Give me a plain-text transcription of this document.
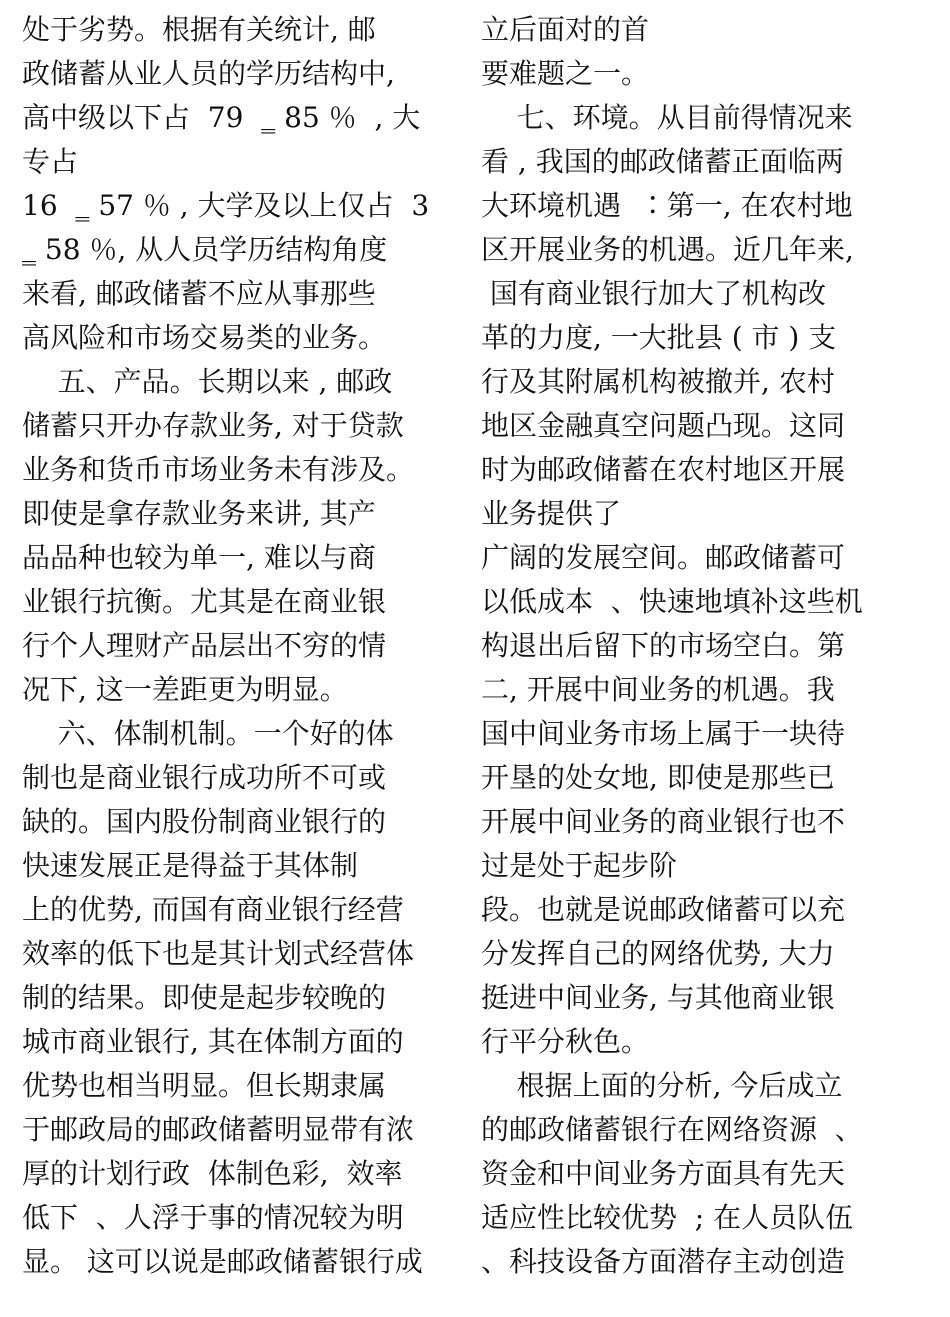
处于劣势。根据有关统计, 邮
政储蓄从业人员的学历结构中,
高中级以下占  79  ‗ 85 ％  , 大
专占
16  ‗ 57 ％ , 大学及以上仅占  3
‗ 58 ％, 从人员学历结构角度
来看, 邮政储蓄不应从事那些
高风险和市场交易类的业务。
五、产品。长期以来 , 邮政
储蓄只开办存款业务, 对于贷款
业务和货币市场业务未有涉及。
即使是拿存款业务来讲, 其产
品品种也较为单一, 难以与商
业银行抗衡。尤其是在商业银
行个人理财产品层出不穷的情
况下, 这一差距更为明显。
六、体制机制。一个好的体
制也是商业银行成功所不可或
缺的。国内股份制商业银行的
快速发展正是得益于其体制
上的优势, 而国有商业银行经营
效率的低下也是其计划式经营体
制的结果。即使是起步较晚的
城市商业银行, 其在体制方面的
优势也相当明显。但长期隶属
于邮政局的邮政储蓄明显带有浓
厚的计划行政  体制色彩,  效率
低下  、人浮于事的情况较为明
显。 这可以说是邮政储蓄银行成
立后面对的首
要难题之一。
七、环境。从目前得情况来
看 , 我国的邮政储蓄正面临两
大环境机遇  ∶第一, 在农村地
区开展业务的机遇。近几年来,
国有商业银行加大了机构改
革的力度, 一大批县 ( 市 ) 支
行及其附属机构被撤并, 农村
地区金融真空问题凸现。这同
时为邮政储蓄在农村地区开展
业务提供了
广阔的发展空间。邮政储蓄可
以低成本  、快速地填补这些机
构退出后留下的市场空白。第
二, 开展中间业务的机遇。我
国中间业务市场上属于一块待
开垦的处女地, 即使是那些已
开展中间业务的商业银行也不
过是处于起步阶
段。也就是说邮政储蓄可以充
分发挥自己的网络优势, 大力
挺进中间业务, 与其他商业银
行平分秋色。
根据上面的分析, 今后成立
的邮政储蓄银行在网络资源  、
资金和中间业务方面具有先天
适应性比较优势  ; 在人员队伍
、科技设备方面潜存主动创造
